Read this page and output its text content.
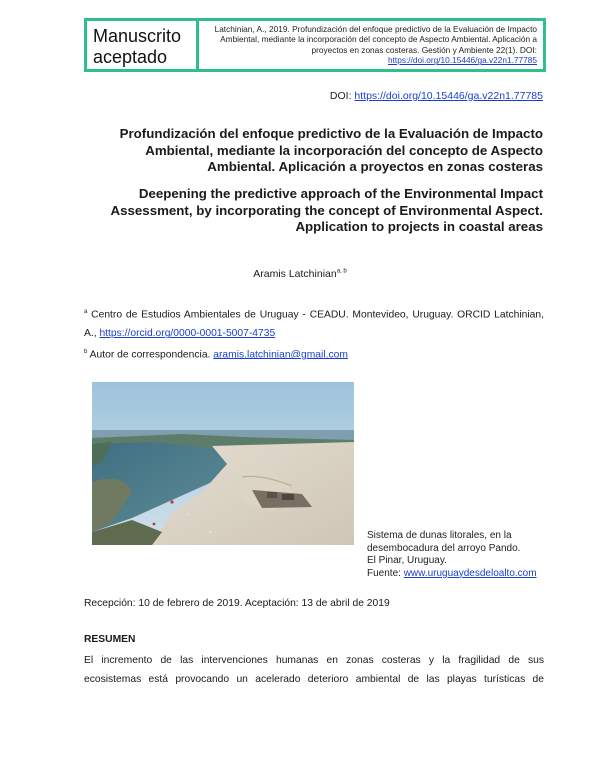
Manuscrito aceptado
Latchinian, A., 2019. Profundización del enfoque predictivo de la Evaluación de Impacto Ambiental, mediante la incorporación del concepto de Aspecto Ambiental. Aplicación a proyectos en zonas costeras. Gestión y Ambiente 22(1). DOI: https://doi.org/10.15446/ga.v22n1.77785
DOI: https://doi.org/10.15446/ga.v22n1.77785
Profundización del enfoque predictivo de la Evaluación de Impacto Ambiental, mediante la incorporación del concepto de Aspecto Ambiental. Aplicación a proyectos en zonas costeras
Deepening the predictive approach of the Environmental Impact Assessment, by incorporating the concept of Environmental Aspect. Application to projects in coastal areas
Aramis Latchinian$^{a, b}$
$^a$ Centro de Estudios Ambientales de Uruguay - CEADU. Montevideo, Uruguay. ORCID Latchinian, A., https://orcid.org/0000-0001-5007-4735
$^b$ Autor de correspondencia. aramis.latchinian@gmail.com
Sistema de dunas litorales, en la
desembocadura del arroyo Pando.
El Pinar, Uruguay.
Fuente: www.uruguaydesdeloalto.com
Recepción: 10 de febrero de 2019. Aceptación: 13 de abril de 2019
RESUMEN
El incremento de las intervenciones humanas en zonas costeras y la fragilidad de sus
ecosistemas está provocando un acelerado deterioro ambiental de las playas turísticas de
